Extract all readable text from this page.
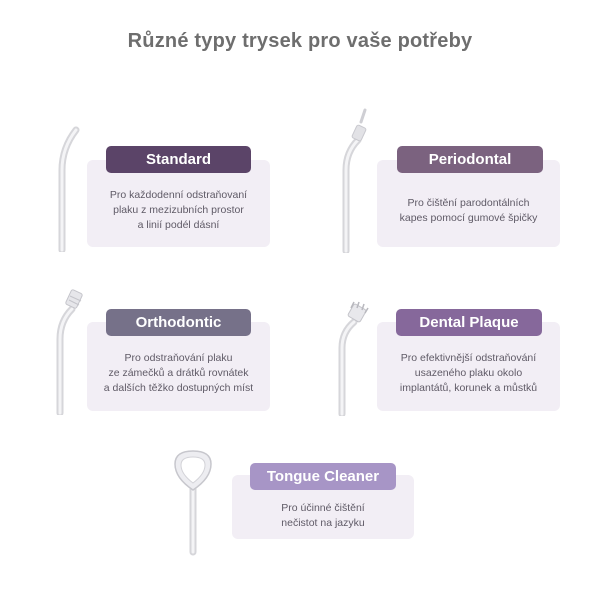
Různé typy trysek pro vaše potřeby
Pro každodenní odstraňovaní
plaku z mezizubních prostor
a linií podél dásní
Standard
Pro čištění parodontálních
kapes pomocí gumové špičky
Periodontal
Pro odstraňování plaku
ze zámečků a drátků rovnátek
a dalších těžko dostupných míst
Orthodontic
Pro efektivnější odstraňování
usazeného plaku okolo
implantátů, korunek a můstků
Dental Plaque
Pro účinné čištění
nečistot na jazyku
Tongue Cleaner
